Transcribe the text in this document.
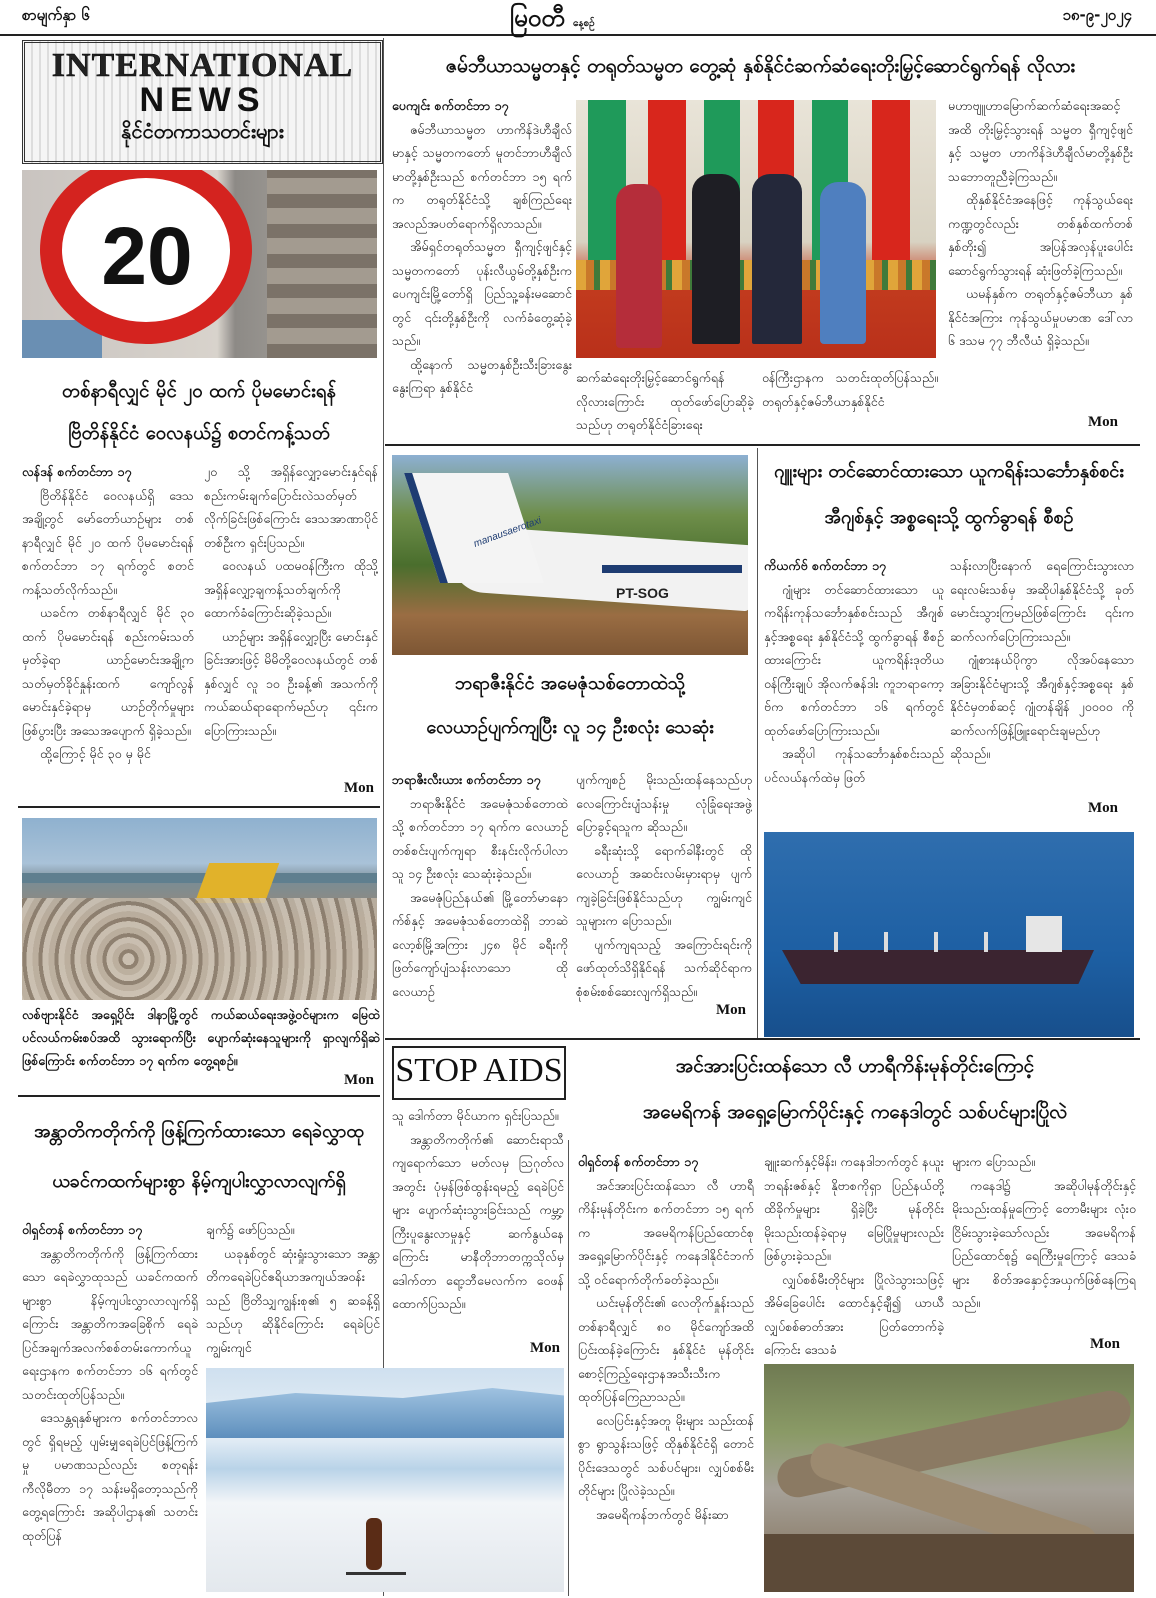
စာမျက်နှာ ၆	မြဝတီ နေ့စဉ်	၁၈-၉-၂၀၂၄
INTERNATIONAL
NEWS
နိုင်ငံတကာသတင်းများ
20
ဇမ်ဘီယာသမ္မတနှင့် တရုတ်သမ္မတ တွေ့ဆုံ နှစ်နိုင်ငံဆက်ဆံရေးတိုးမြှင့်ဆောင်ရွက်ရန် လိုလား

ပေကျင်း စက်တင်ဘာ ၁၇

ဇမ်ဘီယာသမ္မတ ဟာကိန်ဒဲဟီချီလ်မာနှင့် သမ္မတကတော် မူတင်ဘာဟီချီလ်မာတို့နှစ်ဦးသည် စက်တင်ဘာ ၁၅ ရက်က တရုတ်နိုင်ငံသို့ ချစ်ကြည်ရေးအလည်အပတ်ရောက်ရှိလာသည်။

အိမ်ရှင်တရုတ်သမ္မတ ရှီကျင့်ဖျင်နှင့် သမ္မတကတော် ပုန်းလီယွမ်တို့နှစ်ဦးက ပေကျင်းမြို့တော်ရှိ ပြည်သူ့ခန်းမဆောင်တွင် ၎င်းတို့နှစ်ဦးကို လက်ခံတွေ့ဆုံခဲ့သည်။

ထို့နောက် သမ္မတနှစ်ဦးသီးခြားနွေးနွေးကြရာ နှစ်နိုင်ငံ

ဆက်ဆံရေးတိုးမြှင့်ဆောင်ရွက်ရန် လိုလားကြောင်း ထုတ်ဖော်ပြောဆိုခဲ့သည်ဟု တရုတ်နိုင်ငံခြားရေး

ဝန်ကြီးဌာနက သတင်းထုတ်ပြန်သည်။ တရုတ်နှင့်ဇမ်ဘီယာနှစ်နိုင်ငံ

မဟာဗျူဟာမြောက်ဆက်ဆံရေးအဆင့်အထိ တိုးမြှင့်သွားရန် သမ္မတ ရှီကျင့်ဖျင်နှင့် သမ္မတ ဟာကိန်ဒဲဟီချီလ်မာတို့နှစ်ဦး သဘောတူညီခဲ့ကြသည်။

ထိုနှစ်နိုင်ငံအနေဖြင့် ကုန်သွယ်ရေးကဏ္ဍတွင်လည်း တစ်နှစ်ထက်တစ်နှစ်တိုး၍ အပြန်အလှန်ပူးပေါင်းဆောင်ရွက်သွားရန် ဆုံးဖြတ်ခဲ့ကြသည်။

ယမန်နှစ်က တရုတ်နှင့်ဇမ်ဘီယာ နှစ်နိုင်ငံအကြား ကုန်သွယ်မှုပမာဏ ဒေါ်လာ ၆ ဒသမ ၇၇ ဘီလီယံ ရှိခဲ့သည်။

Mon
တစ်နာရီလျှင် မိုင် ၂၀ ထက် ပိုမမောင်းရန်
ဗြိတိန်နိုင်ငံ ဝေလနယ်၌ စတင်ကန့်သတ်

လန်ဒန် စက်တင်ဘာ ၁၇

ဗြိတိန်နိုင်ငံ ဝေလနယ်ရှိ ဒေသအချို့တွင် မော်တော်ယာဉ်များ တစ်နာရီလျှင် မိုင် ၂၀ ထက် ပိုမမောင်းရန် စက်တင်ဘာ ၁၇ ရက်တွင် စတင်ကန့်သတ်လိုက်သည်။

ယခင်က တစ်နာရီလျှင် မိုင် ၃၀ ထက် ပိုမမောင်းရန် စည်းကမ်းသတ်မှတ်ခဲ့ရာ ယာဉ်မောင်းအချို့က သတ်မှတ်ခိုင်နှုန်းထက် ကျော်လွန်မောင်းနှင်ခဲ့ရာမှ ယာဉ်တိုက်မှုများ ဖြစ်ပွားပြီး အသေအပျောက် ရှိခဲ့သည်။

ထို့ကြောင့် မိုင် ၃၀ မှ မိုင်

၂၀ သို့ အရှိန်လျှော့မောင်းနှင်ရန် စည်းကမ်းချက်ပြောင်းလဲသတ်မှတ်လိုက်ခြင်းဖြစ်ကြောင်း ဒေသအာဏာပိုင်တစ်ဦးက ရှင်းပြသည်။

ဝေလနယ် ပထမဝန်ကြီးက ထိုသို့ အရှိန်လျှော့ချကန့်သတ်ချက်ကို ထောက်ခံကြောင်းဆိုခဲ့သည်။

ယာဉ်များ အရှိန်လျှော့ပြီး မောင်းနှင်ခြင်းအားဖြင့် မိမိတို့ဝေလနယ်တွင် တစ်နှစ်လျှင် လူ ၁၀ ဦးခန့်၏ အသက်ကို ကယ်ဆယ်ရာရောက်မည်ဟု ၎င်းက ပြောကြားသည်။

Mon
လစ်ဗျားနိုင်ငံ အရှေ့ပိုင်း ဒါနာမြို့တွင် ကယ်ဆယ်ရေးအဖွဲ့ဝင်များက မြေထဲပင်လယ်ကမ်းစပ်အထိ သွားရောက်ပြီး ပျောက်ဆုံးနေသူများကို ရှာလျက်ရှိဆဲဖြစ်ကြောင်း စက်တင်ဘာ ၁၇ ရက်က တွေ့ရစဉ်။
Mon
manausaerotaxi
PT-SOG
ဘရာဇီးနိုင်ငံ အမေဇုံသစ်တောထဲသို့
လေယာဉ်ပျက်ကျပြီး လူ ၁၄ ဦးစလုံး သေဆုံး

ဘရာဇီးလီးယား စက်တင်ဘာ ၁၇

ဘရာဇီးနိုင်ငံ အမေဇုံသစ်တောထဲသို့ စက်တင်ဘာ ၁၇ ရက်က လေယာဉ်တစ်စင်းပျက်ကျရာ စီးနင်းလိုက်ပါလာသူ ၁၄ ဦးစလုံး သေဆုံးခဲ့သည်။

အမေဇုံပြည်နယ်၏ မြို့တော်မာနောက်စ်နှင့် အမေဇုံသစ်တောထဲရှိ ဘာဆဲလော့စ်မြို့အကြား ၂၄၈ မိုင် ခရီးကို ဖြတ်ကျော်ပျံသန်းလာသော ထိုလေယာဉ်

ပျက်ကျစဉ် မိုးသည်းထန်နေသည်ဟု လေကြောင်းပျံသန်းမှု လုံခြုံရေးအဖွဲ့ ပြောခွင့်ရသူက ဆိုသည်။

ခရီးဆုံးသို့ ရောက်ခါနီးတွင် ထိုလေယာဉ် အဆင်းလမ်းမှားရာမှ ပျက်ကျခဲ့ခြင်းဖြစ်နိုင်သည်ဟု ကျွမ်းကျင်သူများက ပြောသည်။

ပျက်ကျရသည့် အကြောင်းရင်းကို ဖော်ထုတ်သိရှိနိုင်ရန် သက်ဆိုင်ရာက စုံစမ်းစစ်ဆေးလျက်ရှိသည်။

Mon
ဂျူးများ တင်ဆောင်ထားသော ယူကရိန်းသင်္ဘောနှစ်စင်း
အီဂျစ်နှင့် အစ္စရေးသို့ ထွက်ခွာရန် စီစဉ်

ကိယက်ဗ် စက်တင်ဘာ ၁၇

ဂျုံများ တင်ဆောင်ထားသော ယူကရိန်းကုန်သင်္ဘောနှစ်စင်းသည် အီဂျစ်နှင့်အစ္စရေး နှစ်နိုင်ငံသို့ ထွက်ခွာရန် စီစဉ်ထားကြောင်း ယူကရိန်းဒုတိယဝန်ကြီးချုပ် အိုလက်ဇန်ဒါး ကူဘရာကော့ဗ်က စက်တင်ဘာ ၁၆ ရက်တွင် ထုတ်ဖော်ပြောကြားသည်။

အဆိုပါ ကုန်သင်္ဘောနှစ်စင်းသည် ပင်လယ်နက်ထဲမှ ဖြတ်

သန်းလာပြီးနောက် ရေကြောင်းသွားလာရေးလမ်းသစ်မှ အဆိုပါနှစ်နိုင်ငံသို့ ခုတ်မောင်းသွားကြမည်ဖြစ်ကြောင်း ၎င်းက ဆက်လက်ပြောကြားသည်။

ဂျုံစားနယ်ပိုကွာ လိုအပ်နေသော အခြားနိုင်ငံများသို့ အီဂျစ်နှင့်အစ္စရေး နှစ်နိုင်ငံမှတစ်ဆင့် ဂျုံတန်ချိန် ၂၀၀၀၀ ကို ဆက်လက်ဖြန့်ဖြူးရောင်းချမည်ဟု ဆိုသည်။

Mon
STOP AIDS	အင်အားပြင်းထန်သော လီ ဟာရီကိန်းမုန်တိုင်းကြောင့်
အမေရိကန် အရှေ့မြောက်ပိုင်းနှင့် ကနေဒါတွင် သစ်ပင်များပြိုလဲ
အန္တာတိကတိုက်ကို ဖြန့်ကြက်ထားသော ရေခဲလွှာထု
ယခင်ကထက်များစွာ နိမ့်ကျပါးလွှာလာလျက်ရှိ

ဝါရှင်တန် စက်တင်ဘာ ၁၇

အန္တာတိကတိုက်ကို ဖြန့်ကြက်ထားသော ရေခဲလွှာထုသည် ယခင်ကထက် များစွာ နိမ့်ကျပါးလွှာလာလျက်ရှိကြောင်း အန္တာတိကအခြေစိုက် ရေခဲပြင်အချက်အလက်စစ်တမ်းကောက်ယူရေးဌာနက စက်တင်ဘာ ၁၆ ရက်တွင် သတင်းထုတ်ပြန်သည်။

ဒေသန္တရနှစ်များက စက်တင်ဘာလတွင် ရှိရမည့် ပျမ်းမျှရေခဲပြင်ဖြန့်ကြက်မှု ပမာဏသည်လည်း စတုရန်းကီလိုမီတာ ၁၇ သန်းမရှိတော့သည်ကို တွေ့ရကြောင်း အဆိုပါဌာန၏ သတင်းထုတ်ပြန်

ချက်၌ ဖော်ပြသည်။

ယခုနှစ်တွင် ဆုံးရှုံးသွားသော အန္တာတိကရေခဲပြင်ဧရိယာအကျယ်အဝန်းသည် ဗြိတိသျှကျွန်းစု၏ ၅ ဆခန့်ရှိသည်ဟု ဆိုနိုင်ကြောင်း ရေခဲပြင်ကျွမ်းကျင်

သူ ဒေါက်တာ မိုင်ယာက ရှင်းပြသည်။

အန္တာတိကတိုက်၏ ဆောင်းရာသီကျရောက်သော မတ်လမှ ဩဂုတ်လအတွင်း ပုံမှန်ဖြစ်ထွန်းရမည့် ရေခဲပြင်များ ပျောက်ဆုံးသွားခြင်းသည် ကမ္ဘာ့ကြီးပူနွေးလာမှုနှင့် ဆက်နွယ်နေကြောင်း မာနီတိုဘာတက္ကသိုလ်မှ ဒေါက်တာ ရော့ဘီမေလက်က ဝေဖန်ထောက်ပြသည်။

Mon

ဝါရှင်တန် စက်တင်ဘာ ၁၇

အင်အားပြင်းထန်သော လီ ဟာရီကိန်းမုန်တိုင်းက စက်တင်ဘာ ၁၅ ရက်က အမေရိကန်ပြည်ထောင်စု အရှေ့မြောက်ပိုင်းနှင့် ကနေဒါနိုင်ငံဘက်သို့ ဝင်ရောက်တိုက်ခတ်ခဲ့သည်။

ယင်းမုန်တိုင်း၏ လေတိုက်နှုန်းသည် တစ်နာရီလျှင် ၈၀ မိုင်ကျော်အထိ ပြင်းထန်ခဲ့ကြောင်း နှစ်နိုင်ငံ မုန်တိုင်းစောင့်ကြည့်ရေးဌာနအသီးသီးက ထုတ်ပြန်ကြေညာသည်။

လေပြင်းနှင့်အတူ မိုးများ သည်းထန်စွာ ရွာသွန်းသဖြင့် ထိုနှစ်နိုင်ငံရှိ တောင်ပိုင်းဒေသတွင် သစ်ပင်များ၊ လျှပ်စစ်မီးတိုင်များ ပြိုလဲခဲ့သည်။

အမေရိကန်ဘက်တွင် မိန်းဆာ

ချူးဆက်နှင့်မိန်း၊ ကနေဒါဘက်တွင် နယူးဘရန်းဇစ်နှင့် နိုဗာစကိုရှာ ပြည်နယ်တို့ ထိခိုက်မှုများ ရှိခဲ့ပြီး မုန်တိုင်းမိုးသည်းထန်ခဲ့ရာမှ မြေပြိုမှုများလည်း ဖြစ်ပွားခဲ့သည်။

လျှပ်စစ်မီးတိုင်များ ပြိုလဲသွားသဖြင့် အိမ်ခြေပေါင်း ထောင်နှင့်ချီ၍ ယာယီလျှပ်စစ်ဓာတ်အား ပြတ်တောက်ခဲ့ကြောင်း ဒေသခံ

များက ပြောသည်။

ကနေဒါ၌ အဆိုပါမုန်တိုင်းနှင့်မိုးသည်းထန်မှုကြောင့် တောမီးများ လုံးဝငြိမ်းသွားခဲ့သော်လည်း အမေရိကန်ပြည်ထောင်စု၌ ရေကြီးမှုကြောင့် ဒေသခံများ စိတ်အနှောင့်အယှက်ဖြစ်နေကြရသည်။

Mon
